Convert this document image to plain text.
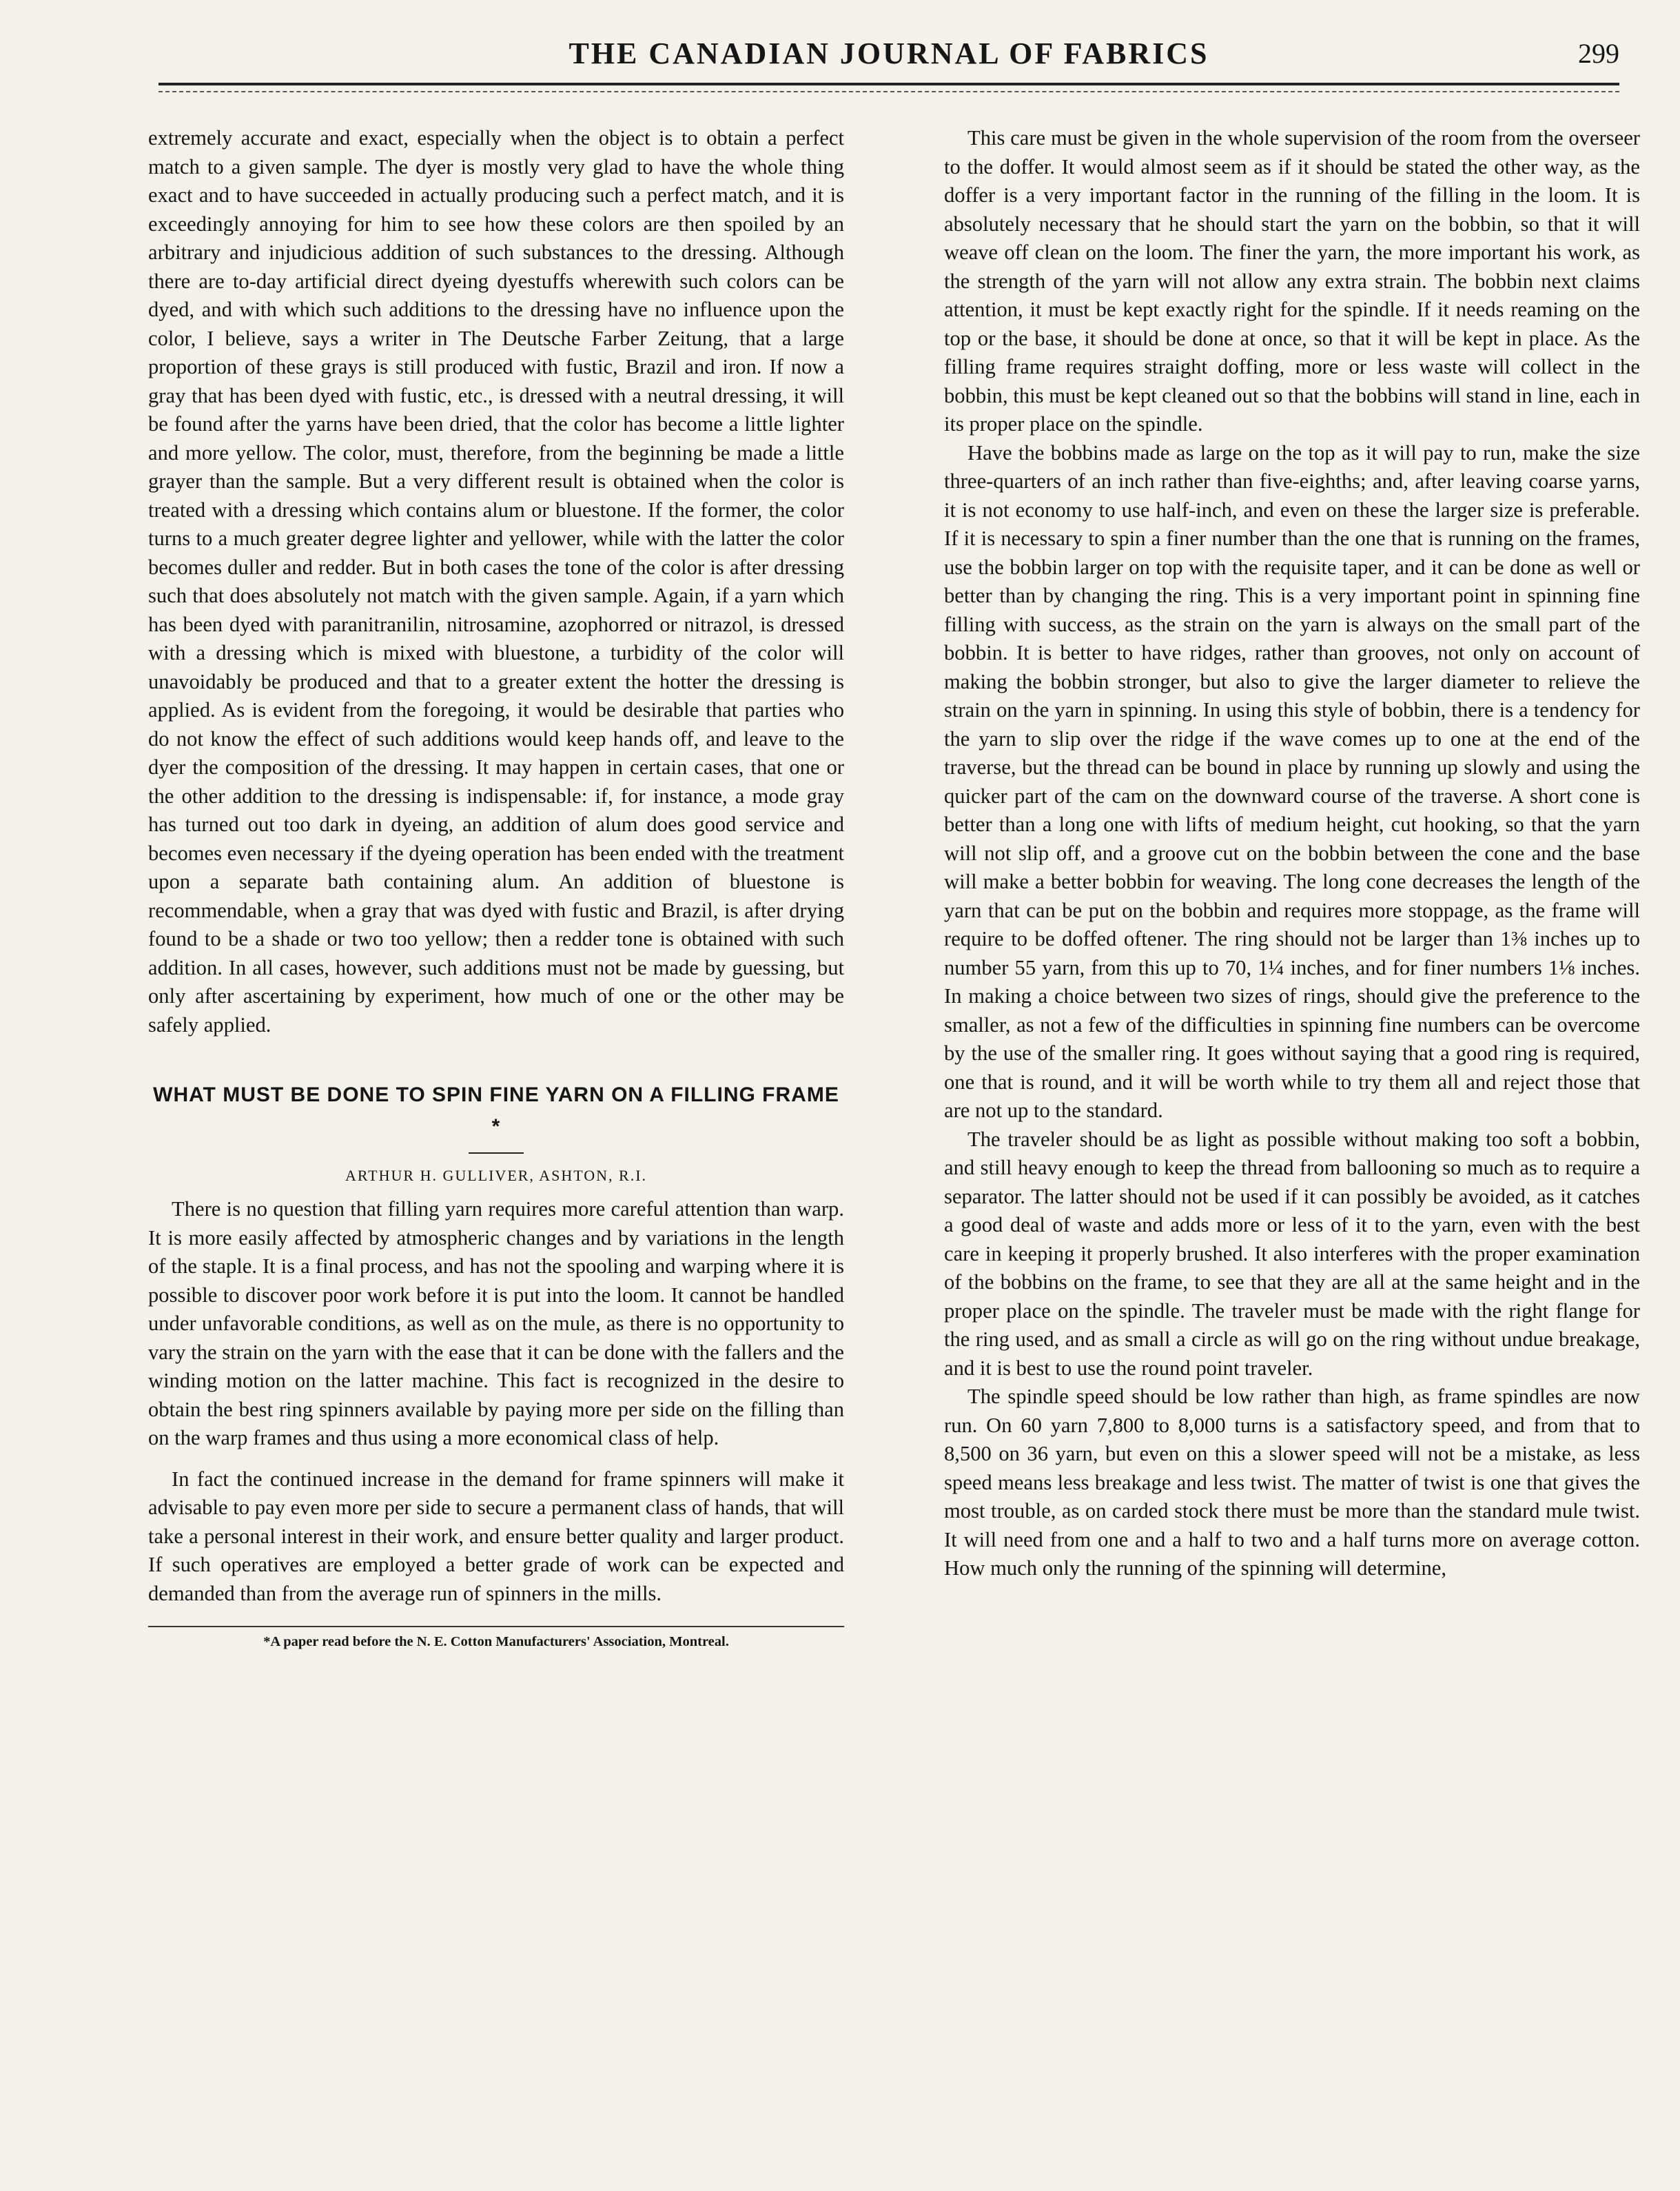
THE CANADIAN JOURNAL OF FABRICS	299

extremely accurate and exact, especially when the object is to obtain a perfect match to a given sample. The dyer is mostly very glad to have the whole thing exact and to have succeeded in actually producing such a perfect match, and it is exceedingly annoying for him to see how these colors are then spoiled by an arbitrary and injudicious addition of such substances to the dressing. Although there are to-day artificial direct dyeing dyestuffs wherewith such colors can be dyed, and with which such additions to the dressing have no influence upon the color, I believe, says a writer in The Deutsche Farber Zeitung, that a large proportion of these grays is still produced with fustic, Brazil and iron. If now a gray that has been dyed with fustic, etc., is dressed with a neutral dressing, it will be found after the yarns have been dried, that the color has become a little lighter and more yellow. The color, must, therefore, from the beginning be made a little grayer than the sample. But a very different result is obtained when the color is treated with a dressing which contains alum or bluestone. If the former, the color turns to a much greater degree lighter and yellower, while with the latter the color becomes duller and redder. But in both cases the tone of the color is after dressing such that does absolutely not match with the given sample. Again, if a yarn which has been dyed with paranitranilin, nitrosamine, azophorred or nitrazol, is dressed with a dressing which is mixed with bluestone, a turbidity of the color will unavoidably be produced and that to a greater extent the hotter the dressing is applied. As is evident from the foregoing, it would be desirable that parties who do not know the effect of such additions would keep hands off, and leave to the dyer the composition of the dressing. It may happen in certain cases, that one or the other addition to the dressing is indispensable: if, for instance, a mode gray has turned out too dark in dyeing, an addition of alum does good service and becomes even necessary if the dyeing operation has been ended with the treatment upon a separate bath containing alum. An addition of bluestone is recommendable, when a gray that was dyed with fustic and Brazil, is after drying found to be a shade or two too yellow; then a redder tone is obtained with such addition. In all cases, however, such additions must not be made by guessing, but only after ascertaining by experiment, how much of one or the other may be safely applied.

WHAT MUST BE DONE TO SPIN FINE YARN ON A FILLING FRAME *
ARTHUR H. GULLIVER, ASHTON, R.I.

There is no question that filling yarn requires more careful attention than warp. It is more easily affected by atmospheric changes and by variations in the length of the staple. It is a final process, and has not the spooling and warping where it is possible to discover poor work before it is put into the loom. It cannot be handled under unfavorable conditions, as well as on the mule, as there is no opportunity to vary the strain on the yarn with the ease that it can be done with the fallers and the winding motion on the latter machine. This fact is recognized in the desire to obtain the best ring spinners available by paying more per side on the filling than on the warp frames and thus using a more economical class of help.

In fact the continued increase in the demand for frame spinners will make it advisable to pay even more per side to secure a permanent class of hands, that will take a personal interest in their work, and ensure better quality and larger product. If such operatives are employed a better grade of work can be expected and demanded than from the average run of spinners in the mills.

*A paper read before the N. E. Cotton Manufacturers' Association, Montreal.

This care must be given in the whole supervision of the room from the overseer to the doffer. It would almost seem as if it should be stated the other way, as the doffer is a very important factor in the running of the filling in the loom. It is absolutely necessary that he should start the yarn on the bobbin, so that it will weave off clean on the loom. The finer the yarn, the more important his work, as the strength of the yarn will not allow any extra strain. The bobbin next claims attention, it must be kept exactly right for the spindle. If it needs reaming on the top or the base, it should be done at once, so that it will be kept in place. As the filling frame requires straight doffing, more or less waste will collect in the bobbin, this must be kept cleaned out so that the bobbins will stand in line, each in its proper place on the spindle.

Have the bobbins made as large on the top as it will pay to run, make the size three-quarters of an inch rather than five-eighths; and, after leaving coarse yarns, it is not economy to use half-inch, and even on these the larger size is preferable. If it is necessary to spin a finer number than the one that is running on the frames, use the bobbin larger on top with the requisite taper, and it can be done as well or better than by changing the ring. This is a very important point in spinning fine filling with success, as the strain on the yarn is always on the small part of the bobbin. It is better to have ridges, rather than grooves, not only on account of making the bobbin stronger, but also to give the larger diameter to relieve the strain on the yarn in spinning. In using this style of bobbin, there is a tendency for the yarn to slip over the ridge if the wave comes up to one at the end of the traverse, but the thread can be bound in place by running up slowly and using the quicker part of the cam on the downward course of the traverse. A short cone is better than a long one with lifts of medium height, cut hooking, so that the yarn will not slip off, and a groove cut on the bobbin between the cone and the base will make a better bobbin for weaving. The long cone decreases the length of the yarn that can be put on the bobbin and requires more stoppage, as the frame will require to be doffed oftener. The ring should not be larger than 1⅜ inches up to number 55 yarn, from this up to 70, 1¼ inches, and for finer numbers 1⅛ inches. In making a choice between two sizes of rings, should give the preference to the smaller, as not a few of the difficulties in spinning fine numbers can be overcome by the use of the smaller ring. It goes without saying that a good ring is required, one that is round, and it will be worth while to try them all and reject those that are not up to the standard.

The traveler should be as light as possible without making too soft a bobbin, and still heavy enough to keep the thread from ballooning so much as to require a separator. The latter should not be used if it can possibly be avoided, as it catches a good deal of waste and adds more or less of it to the yarn, even with the best care in keeping it properly brushed. It also interferes with the proper examination of the bobbins on the frame, to see that they are all at the same height and in the proper place on the spindle. The traveler must be made with the right flange for the ring used, and as small a circle as will go on the ring without undue breakage, and it is best to use the round point traveler.

The spindle speed should be low rather than high, as frame spindles are now run. On 60 yarn 7,800 to 8,000 turns is a satisfactory speed, and from that to 8,500 on 36 yarn, but even on this a slower speed will not be a mistake, as less speed means less breakage and less twist. The matter of twist is one that gives the most trouble, as on carded stock there must be more than the standard mule twist. It will need from one and a half to two and a half turns more on average cotton. How much only the running of the spinning will determine,
